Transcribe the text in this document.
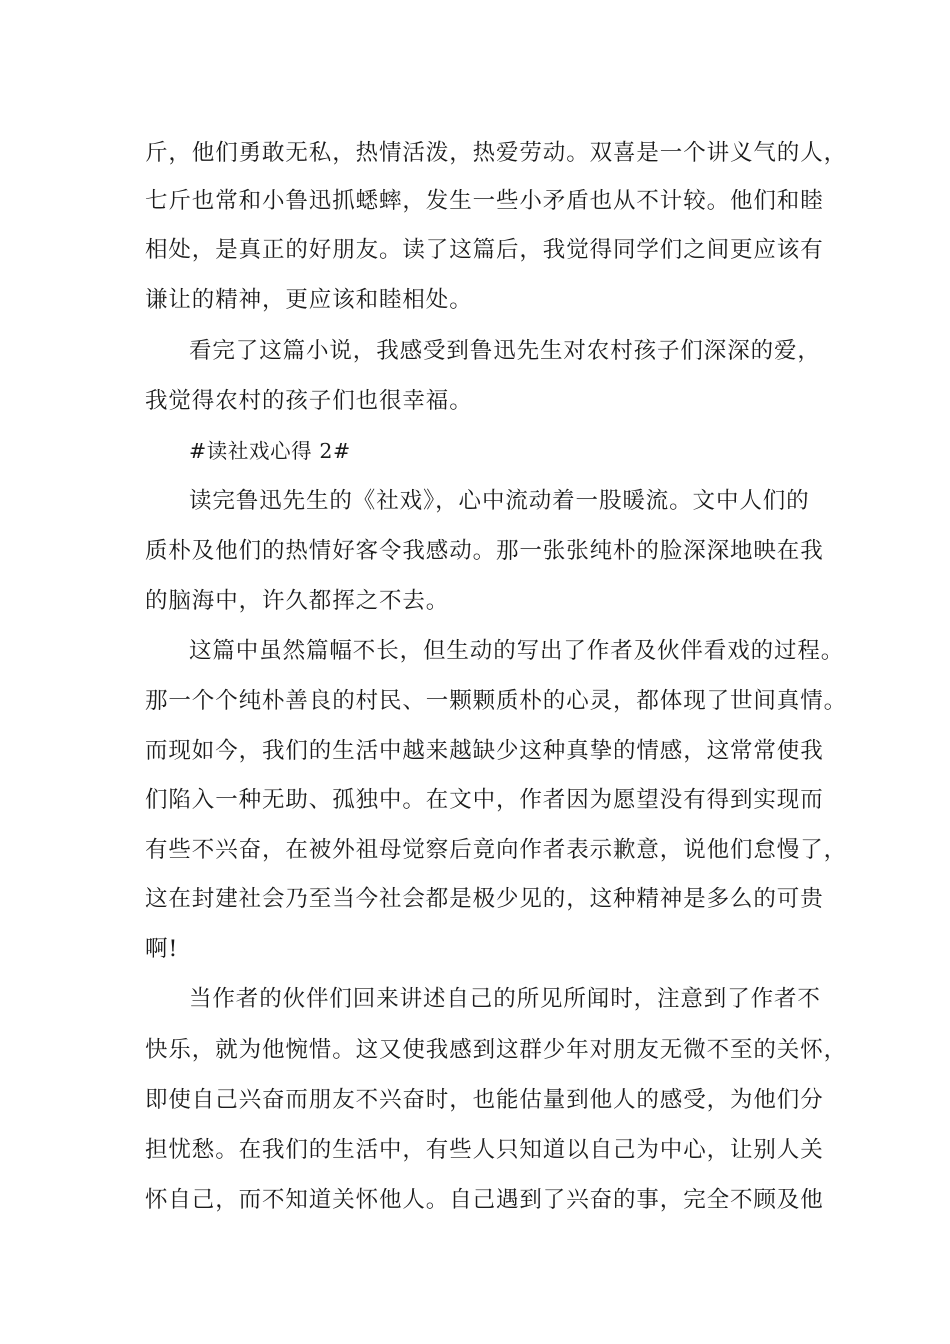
斤，他们勇敢无私，热情活泼，热爱劳动。双喜是一个讲义气的人，
七斤也常和小鲁迅抓蟋蟀，发生一些小矛盾也从不计较。他们和睦
相处，是真正的好朋友。读了这篇后，我觉得同学们之间更应该有
谦让的精神，更应该和睦相处。
看完了这篇小说，我感受到鲁迅先生对农村孩子们深深的爱，
我觉得农村的孩子们也很幸福。
#读社戏心得 2#
读完鲁迅先生的《社戏》，心中流动着一股暖流。文中人们的
质朴及他们的热情好客令我感动。那一张张纯朴的脸深深地映在我
的脑海中，许久都挥之不去。
这篇中虽然篇幅不长，但生动的写出了作者及伙伴看戏的过程。
那一个个纯朴善良的村民、一颗颗质朴的心灵，都体现了世间真情。
而现如今，我们的生活中越来越缺少这种真挚的情感，这常常使我
们陷入一种无助、孤独中。在文中，作者因为愿望没有得到实现而
有些不兴奋，在被外祖母觉察后竟向作者表示歉意，说他们怠慢了，
这在封建社会乃至当今社会都是极少见的，这种精神是多么的可贵
啊!
当作者的伙伴们回来讲述自己的所见所闻时，注意到了作者不
快乐，就为他惋惜。这又使我感到这群少年对朋友无微不至的关怀，
即使自己兴奋而朋友不兴奋时，也能估量到他人的感受，为他们分
担忧愁。在我们的生活中，有些人只知道以自己为中心，让别人关
怀自己，而不知道关怀他人。自己遇到了兴奋的事，完全不顾及他
